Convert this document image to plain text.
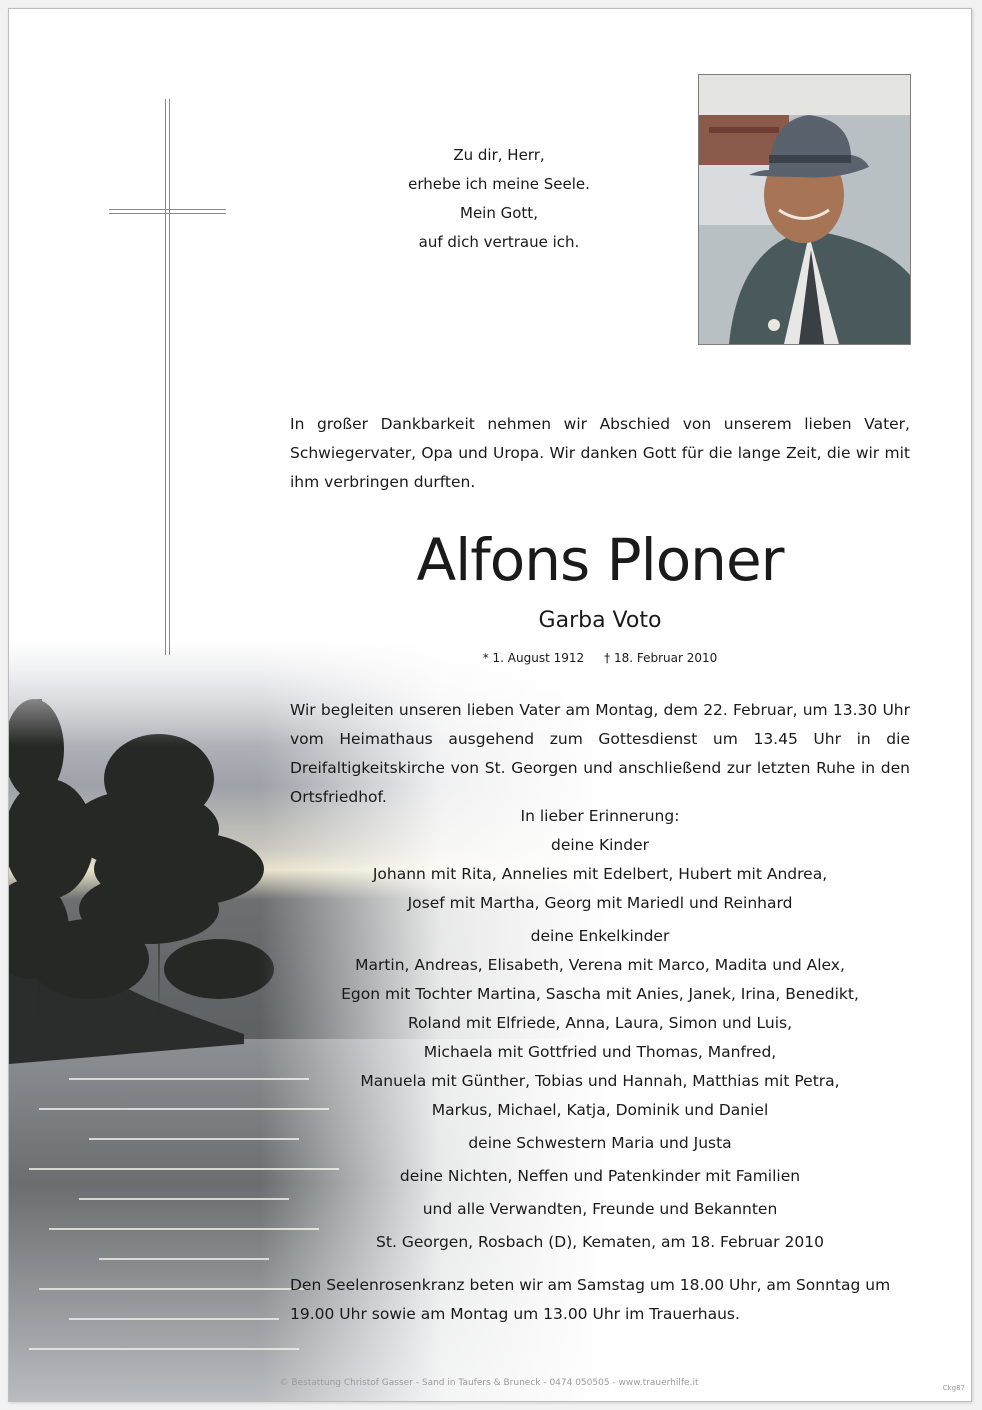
Zu dir, Herr,
erhebe ich meine Seele.
Mein Gott,
auf dich vertraue ich.
In großer Dankbarkeit nehmen wir Abschied von unserem lieben Vater, Schwiegervater, Opa und Uropa. Wir danken Gott für die lange Zeit, die wir mit ihm verbringen durften.
Alfons Ploner
Garba Voto
* 1. August 1912 † 18. Februar 2010
Wir begleiten unseren lieben Vater am Montag, dem 22. Februar, um 13.30 Uhr vom Heimathaus ausgehend zum Gottesdienst um 13.45 Uhr in die Dreifaltigkeitskirche von St. Georgen und anschließend zur letzten Ruhe in den Ortsfriedhof.
In lieber Erinnerung:
deine Kinder
Johann mit Rita, Annelies mit Edelbert, Hubert mit Andrea,
Josef mit Martha, Georg mit Mariedl und Reinhard
deine Enkelkinder
Martin, Andreas, Elisabeth, Verena mit Marco, Madita und Alex,
Egon mit Tochter Martina, Sascha mit Anies, Janek, Irina, Benedikt,
Roland mit Elfriede, Anna, Laura, Simon und Luis,
Michaela mit Gottfried und Thomas, Manfred,
Manuela mit Günther, Tobias und Hannah, Matthias mit Petra,
Markus, Michael, Katja, Dominik und Daniel
deine Schwestern Maria und Justa
deine Nichten, Neffen und Patenkinder mit Familien
und alle Verwandten, Freunde und Bekannten
St. Georgen, Rosbach (D), Kematen, am 18. Februar 2010
Den Seelenrosenkranz beten wir am Samstag um 18.00 Uhr, am Sonntag um 19.00 Uhr sowie am Montag um 13.00 Uhr im Trauerhaus.
© Bestattung Christof Gasser - Sand in Taufers & Bruneck - 0474 050505 - www.trauerhilfe.it	Ckg87
